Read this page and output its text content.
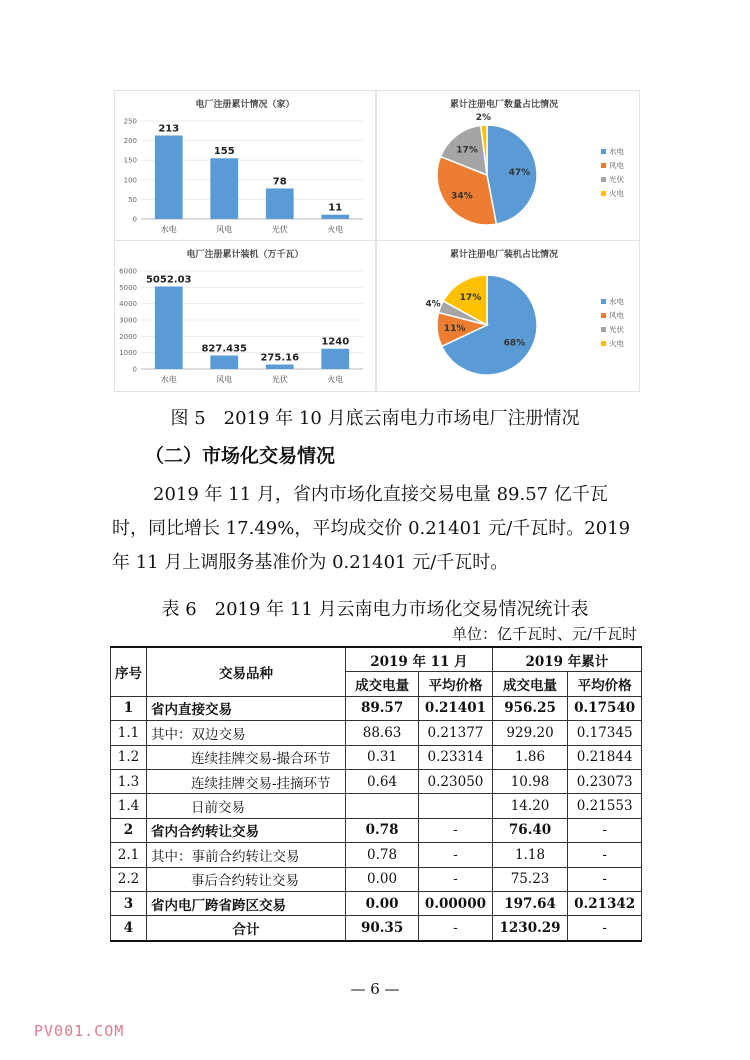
电厂注册累计情况（家）
0
50
100
150
200
250
213
水电
155
风电
78
光伏
11
火电
累计注册电厂数量占比情况
47%
34%
17%
2%
水电
风电
光伏
火电
电厂注册累计装机（万千瓦）
0
1000
2000
3000
4000
5000
6000
5052.03
水电
827.435
风电
275.16
光伏
1240
火电
累计注册电厂装机占比情况
68%
11%
4%
17%	水电
风电
光伏
火电
图 5　2019 年 10 月底云南电力市场电厂注册情况
（二）市场化交易情况
2019 年 11 月，省内市场化直接交易电量 89.57 亿千瓦
时，同比增长 17.49%，平均成交价 0.21401 元/千瓦时。2019
年 11 月上调服务基准价为 0.21401 元/千瓦时。
表 6　2019 年 11 月云南电力市场化交易情况统计表
单位：亿千瓦时、元/千瓦时
序号	交易品种	2019 年 11 月		2019 年累计	
		成交电量	平均价格	成交电量	平均价格
1	省内直接交易	89.57	0.21401	956.25	0.17540
1.1	其中：双边交易	88.63	0.21377	929.20	0.17345
1.2	连续挂牌交易-撮合环节	0.31	0.23314	1.86	0.21844
1.3	连续挂牌交易-挂摘环节	0.64	0.23050	10.98	0.23073
1.4	日前交易			14.20	0.21553
2	省内合约转让交易	0.78	-	76.40	-
2.1	其中：事前合约转让交易	0.78	-	1.18	-
2.2	事后合约转让交易	0.00	-	75.23	-
3	省内电厂跨省跨区交易	0.00	0.00000	197.64	0.21342
4	合计	90.35	-	1230.29	-
— 6 —
PV001.COM
